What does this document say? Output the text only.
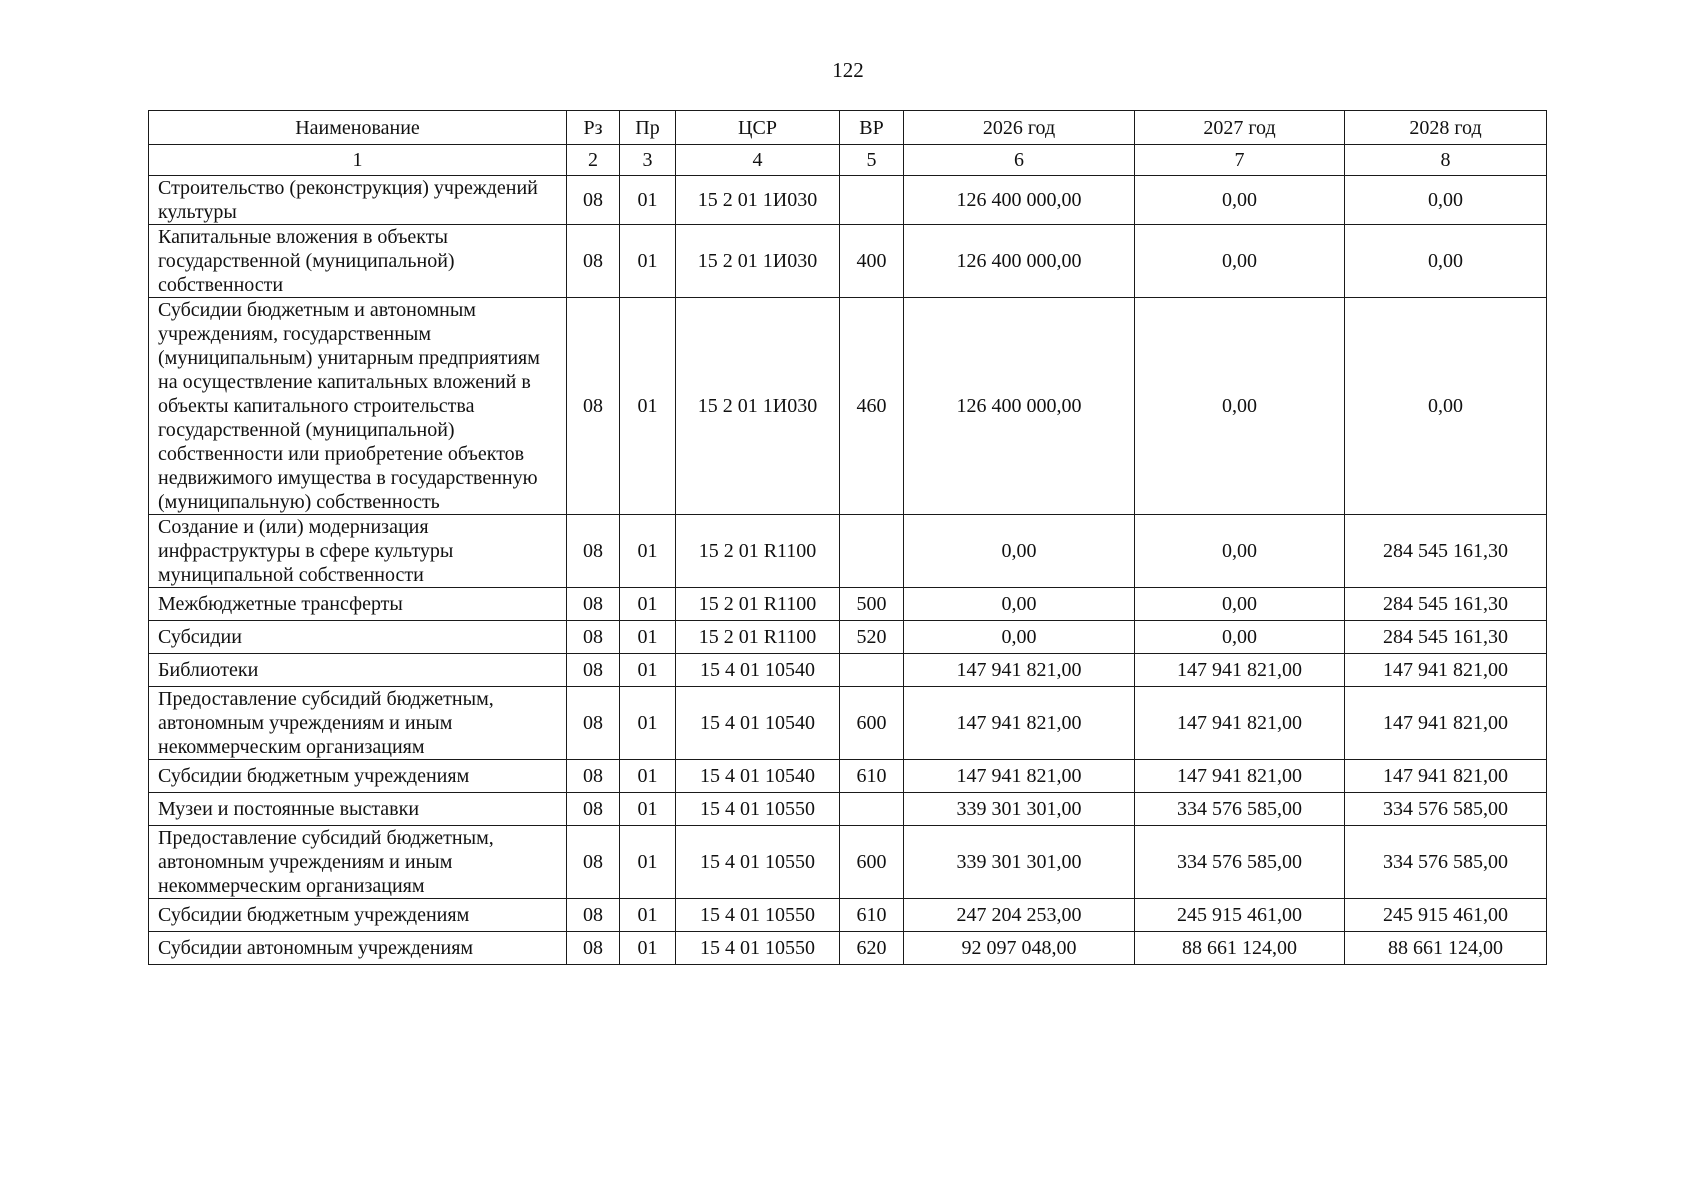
122
Наименование	Рз	Пр	ЦСР	ВР	2026 год	2027 год	2028 год
1	2	3	4	5	6	7	8
Строительство (реконструкция) учреждений культуры	08	01	15 2 01 1И030		126 400 000,00	0,00	0,00
Капитальные вложения в объекты государственной (муниципальной) собственности	08	01	15 2 01 1И030	400	126 400 000,00	0,00	0,00
Субсидии бюджетным и автономным учреждениям, государственным (муниципальным) унитарным предприятиям на осуществление капитальных вложений в объекты капитального строительства государственной (муниципальной) собственности или приобретение объектов недвижимого имущества в государственную (муниципальную) собственность	08	01	15 2 01 1И030	460	126 400 000,00	0,00	0,00
Создание и (или) модернизация инфраструктуры в сфере культуры муниципальной собственности	08	01	15 2 01 R1100		0,00	0,00	284 545 161,30
Межбюджетные трансферты	08	01	15 2 01 R1100	500	0,00	0,00	284 545 161,30
Субсидии	08	01	15 2 01 R1100	520	0,00	0,00	284 545 161,30
Библиотеки	08	01	15 4 01 10540		147 941 821,00	147 941 821,00	147 941 821,00
Предоставление субсидий бюджетным, автономным учреждениям и иным некоммерческим организациям	08	01	15 4 01 10540	600	147 941 821,00	147 941 821,00	147 941 821,00
Субсидии бюджетным учреждениям	08	01	15 4 01 10540	610	147 941 821,00	147 941 821,00	147 941 821,00
Музеи и постоянные выставки	08	01	15 4 01 10550		339 301 301,00	334 576 585,00	334 576 585,00
Предоставление субсидий бюджетным, автономным учреждениям и иным некоммерческим организациям	08	01	15 4 01 10550	600	339 301 301,00	334 576 585,00	334 576 585,00
Субсидии бюджетным учреждениям	08	01	15 4 01 10550	610	247 204 253,00	245 915 461,00	245 915 461,00
Субсидии автономным учреждениям	08	01	15 4 01 10550	620	92 097 048,00	88 661 124,00	88 661 124,00
